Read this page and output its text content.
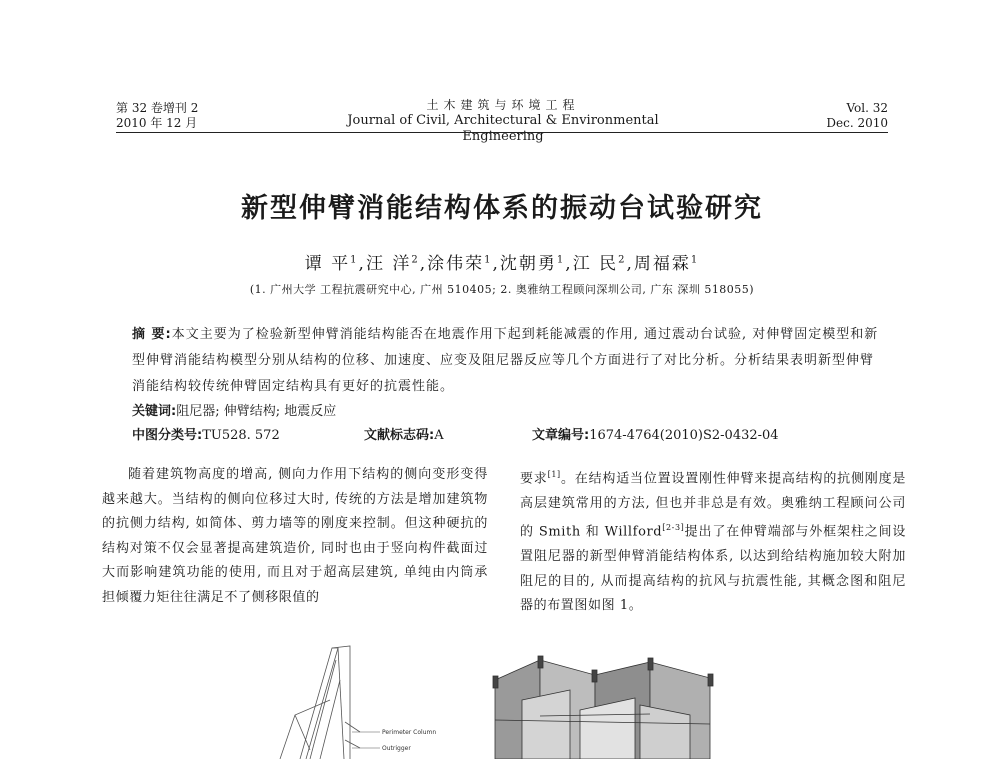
第 32 卷增刊 2
2010 年 12 月
土木建筑与环境工程
Journal of Civil, Architectural & Environmental Engineering
Vol. 32
Dec. 2010
新型伸臂消能结构体系的振动台试验研究
谭 平$^1$,汪 洋$^2$,涂伟荣$^1$,沈朝勇$^1$,江 民$^2$,周福霖$^1$
(1. 广州大学 工程抗震研究中心, 广州 510405; 2. 奥雅纳工程顾问深圳公司, 广东 深圳 518055)
摘 要:本文主要为了检验新型伸臂消能结构能否在地震作用下起到耗能减震的作用, 通过震动台试验, 对伸臂固定模型和新型伸臂消能结构模型分别从结构的位移、加速度、应变及阻尼器反应等几个方面进行了对比分析。分析结果表明新型伸臂消能结构较传统伸臂固定结构具有更好的抗震性能。
关键词:阻尼器; 伸臂结构; 地震反应
中图分类号:TU528. 572	文献标志码:A	文章编号:1674-4764(2010)S2-0432-04
随着建筑物高度的增高, 侧向力作用下结构的侧向变形变得越来越大。当结构的侧向位移过大时, 传统的方法是增加建筑物的抗侧力结构, 如简体、剪力墙等的刚度来控制。但这种硬抗的结构对策不仅会显著提高建筑造价, 同时也由于竖向构件截面过大而影响建筑功能的使用, 而且对于超高层建筑, 单纯由内筒承担倾覆力矩往往满足不了侧移限值的
要求[1]。在结构适当位置设置刚性伸臂来提高结构的抗侧刚度是高层建筑常用的方法, 但也并非总是有效。奥雅纳工程顾问公司的 Smith 和 Willford[2-3]提出了在伸臂端部与外框架柱之间设置阻尼器的新型伸臂消能结构体系, 以达到给结构施加较大附加阻尼的目的, 从而提高结构的抗风与抗震性能, 其概念图和阻尼器的布置图如图 1。
Perimeter Column
Outrigger
